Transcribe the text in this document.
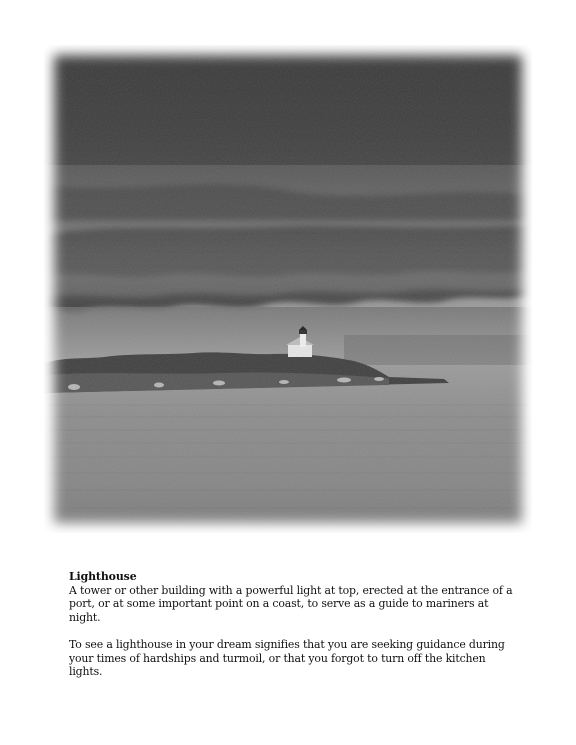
Lighthouse

A tower or other building with a powerful light at top, erected at the entrance of a port, or at some important point on a coast, to serve as a guide to mariners at night.

To see a lighthouse in your dream signifies that you are seeking guidance during your times of hardships and turmoil, or that you forgot to turn off the kitchen lights.
